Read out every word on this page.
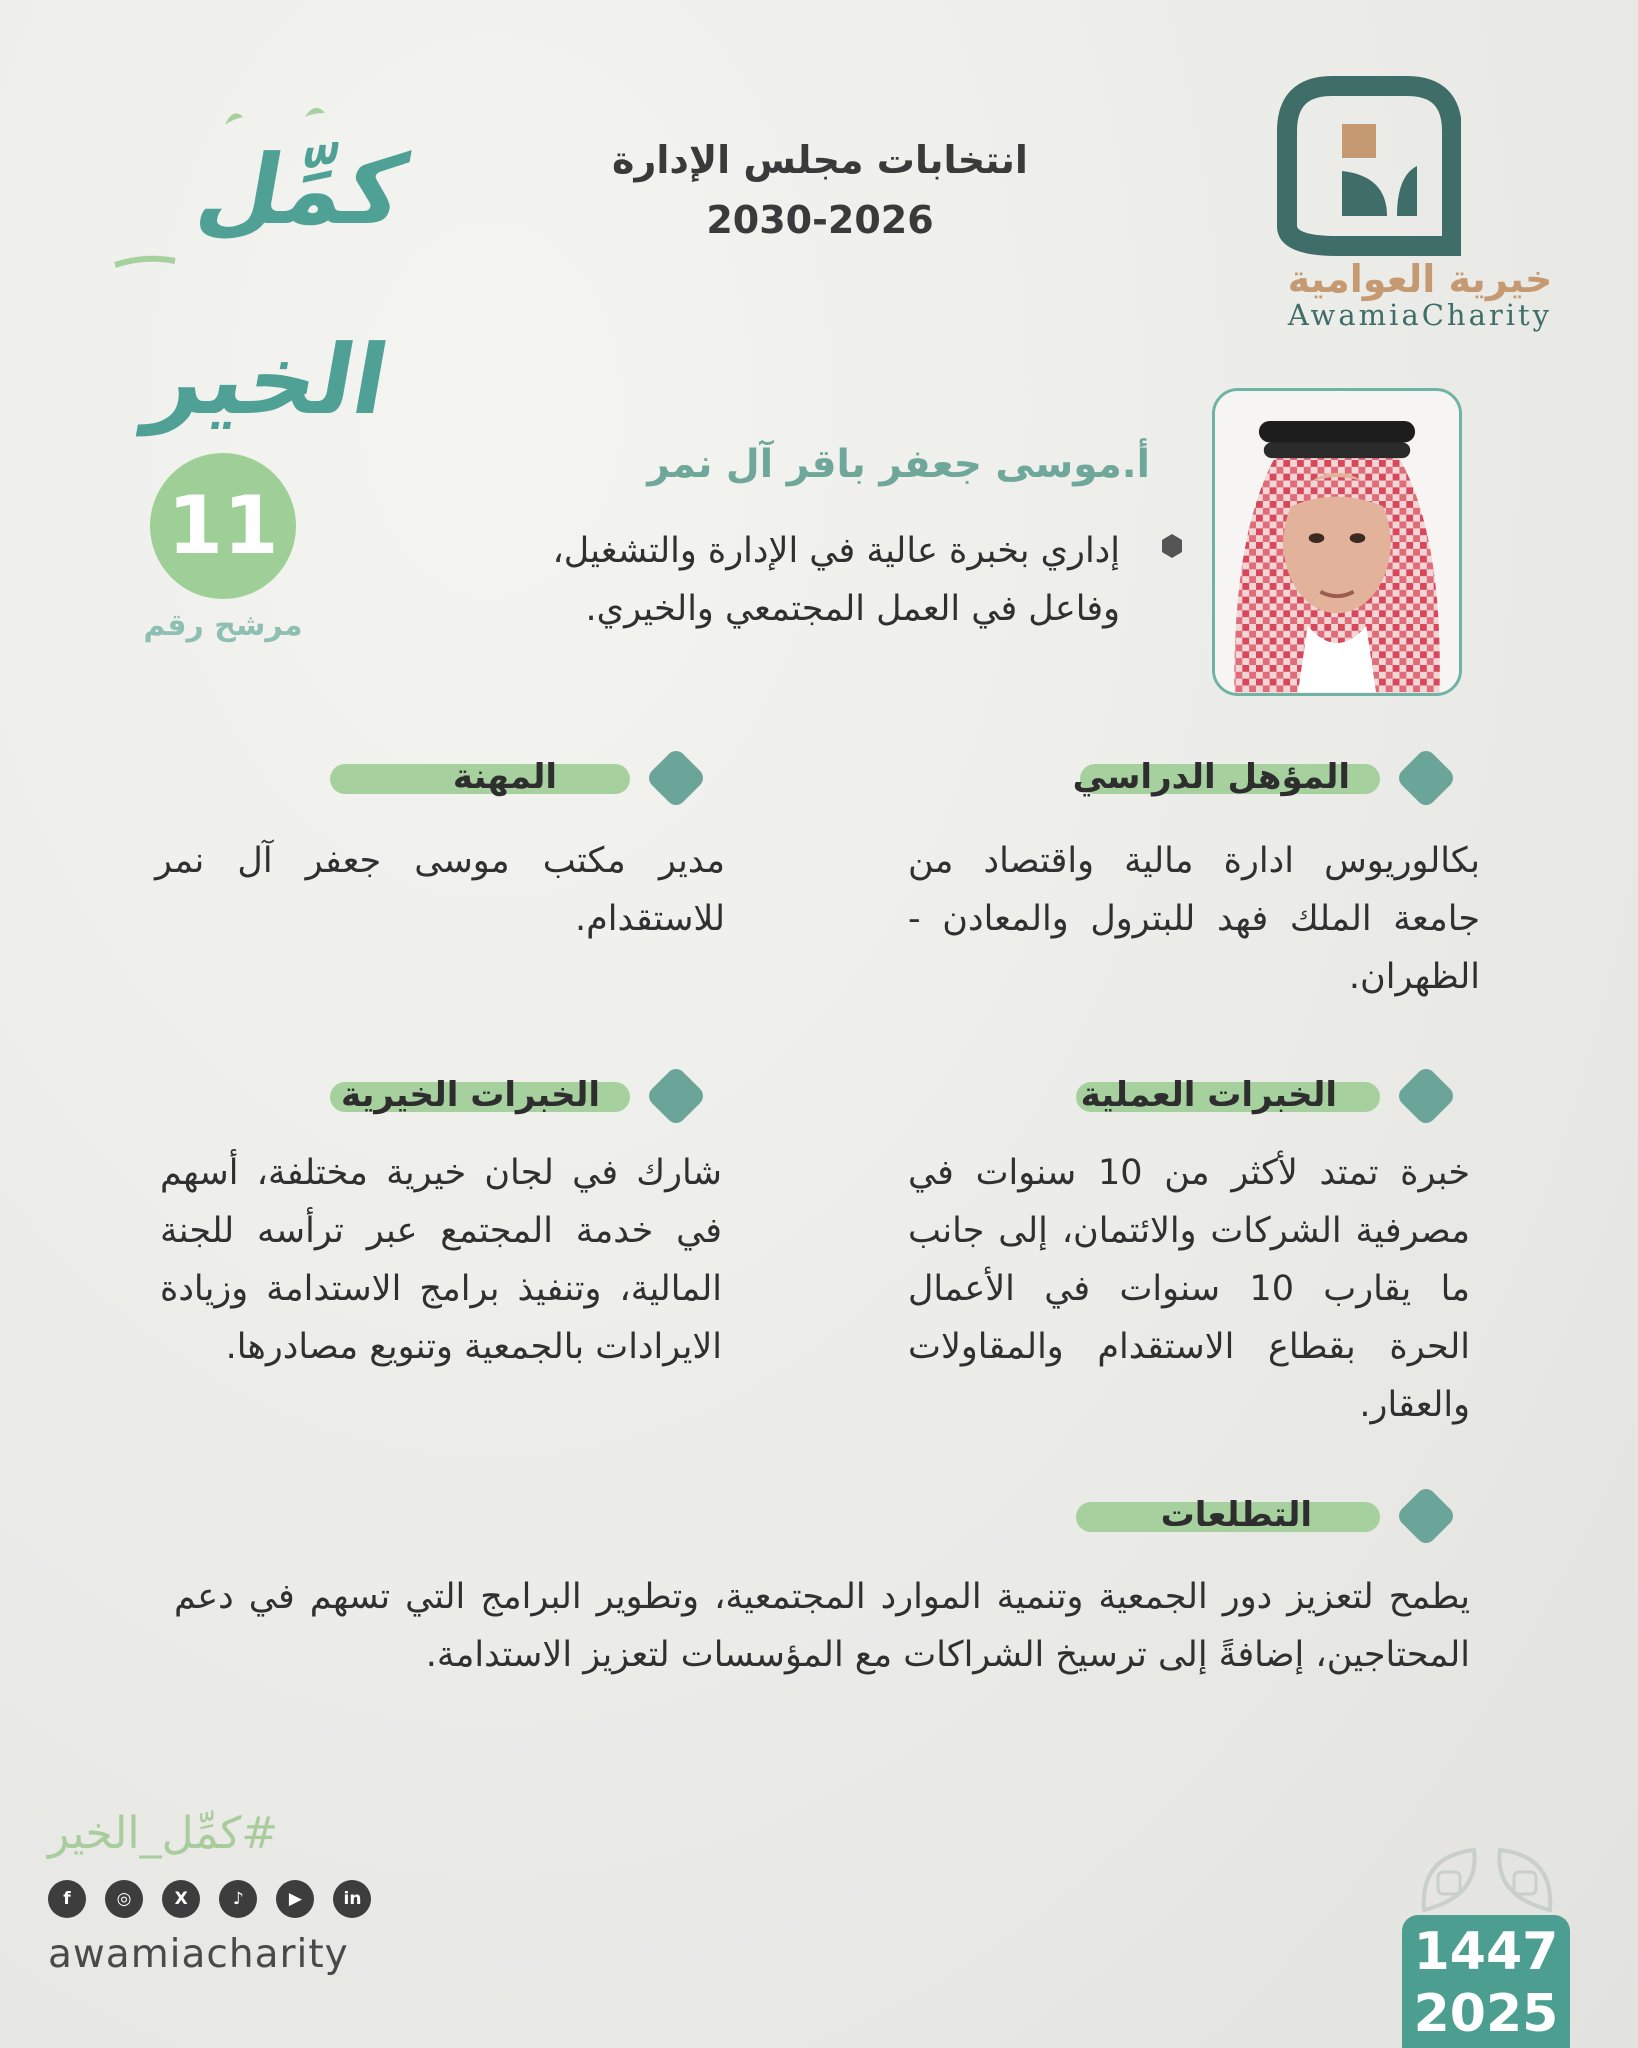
كمِّل الخير
انتخابات مجلس الإدارة
2030-2026
خيرية العوامية
AwamiaCharity
أ.موسى جعفر باقر آل نمر
إداري بخبرة عالية في الإدارة والتشغيل،
وفاعل في العمل المجتمعي والخيري.
11
مرشح رقم
المؤهل الدراسي
بكالوريوس ادارة مالية واقتصاد من جامعة الملك فهد للبترول والمعادن - الظهران.
المهنة
مدير مكتب موسى جعفر آل نمر للاستقدام.
الخبرات العملية
خبرة تمتد لأكثر من 10 سنوات في مصرفية الشركات والائتمان، إلى جانب ما يقارب 10 سنوات في الأعمال الحرة بقطاع الاستقدام والمقاولات والعقار.
الخبرات الخيرية
شارك في لجان خيرية مختلفة، أسهم في خدمة المجتمع عبر ترأسه للجنة المالية، وتنفيذ برامج الاستدامة وزيادة الايرادات بالجمعية وتنويع مصادرها.
التطلعات
يطمح لتعزيز دور الجمعية وتنمية الموارد المجتمعية، وتطوير البرامج التي تسهم في دعم المحتاجين، إضافةً إلى ترسيخ الشراكات مع المؤسسات لتعزيز الاستدامة.
#كمِّل_الخير
f	◎	X	♪	▶ in
awamiacharity	1447
2025
